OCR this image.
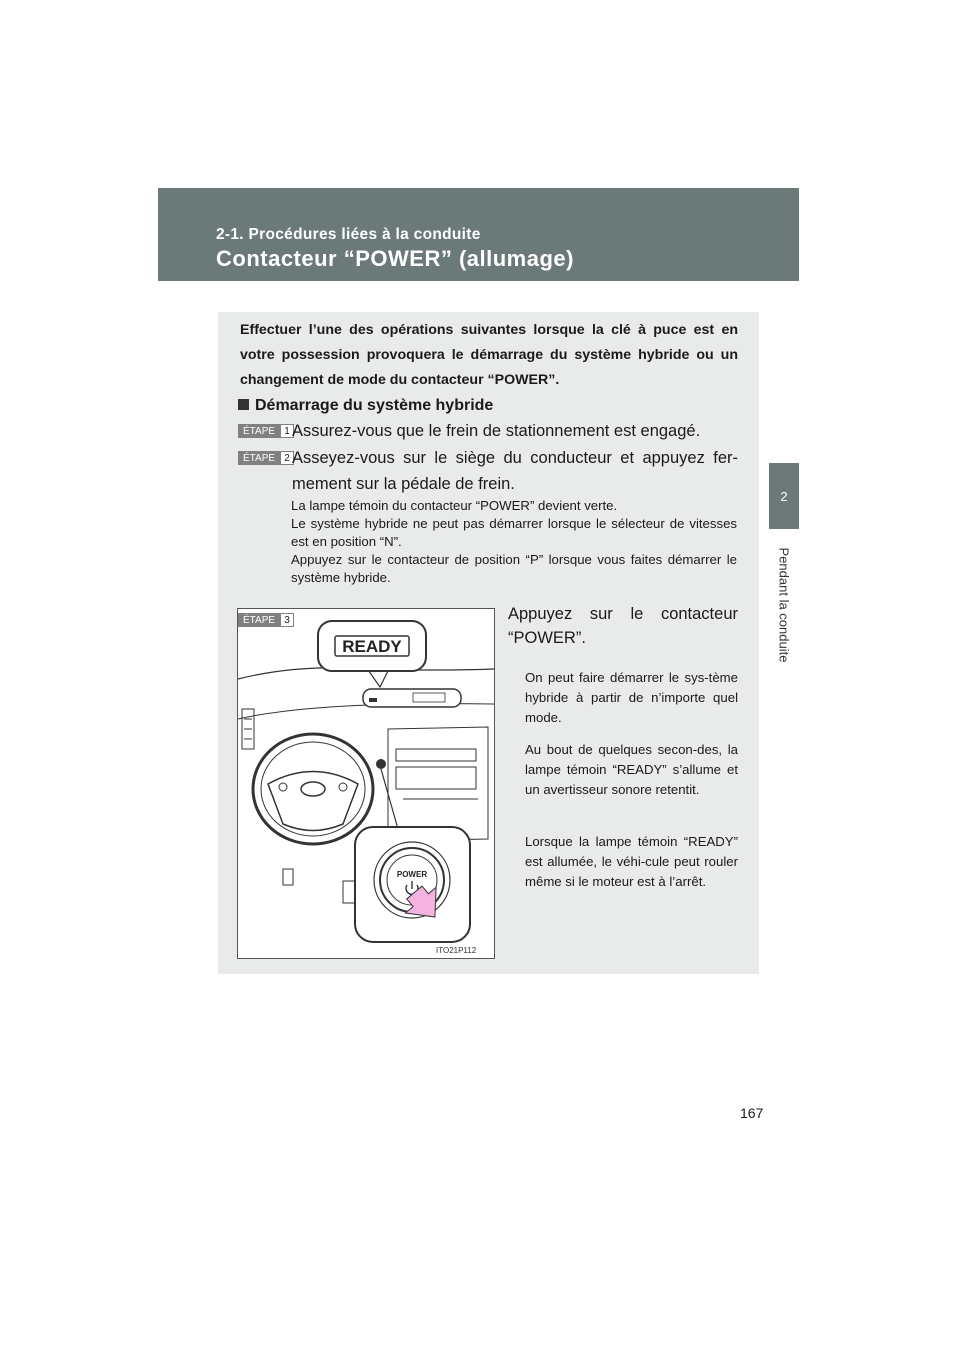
2-1. Procédures liées à la conduite
Contacteur “POWER” (allumage)
2
Pendant la conduite
Effectuer l’une des opérations suivantes lorsque la clé à puce est en votre possession provoquera le démarrage du système hybride ou un changement de mode du contacteur “POWER”.
Démarrage du système hybride
ÉTAPE 1 Assurez-vous que le frein de stationnement est engagé.
ÉTAPE 2 Asseyez-vous sur le siège du conducteur et appuyez fer-
mement sur la pédale de frein.
La lampe témoin du contacteur “POWER” devient verte.
Le système hybride ne peut pas démarrer lorsque le sélecteur de vitesses est en position “N”.
Appuyez sur le contacteur de position “P” lorsque vous faites démarrer le système hybride.
READY
POWER
ITO21P112
ÉTAPE 3	Appuyez sur le contacteur “POWER”.
On peut faire démarrer le sys-tème hybride à partir de n’importe quel mode.
Au bout de quelques secon-des, la lampe témoin “READY” s’allume et un avertisseur sonore retentit.
Lorsque la lampe témoin “READY” est allumée, le véhi-cule peut rouler même si le moteur est à l’arrêt.
167
